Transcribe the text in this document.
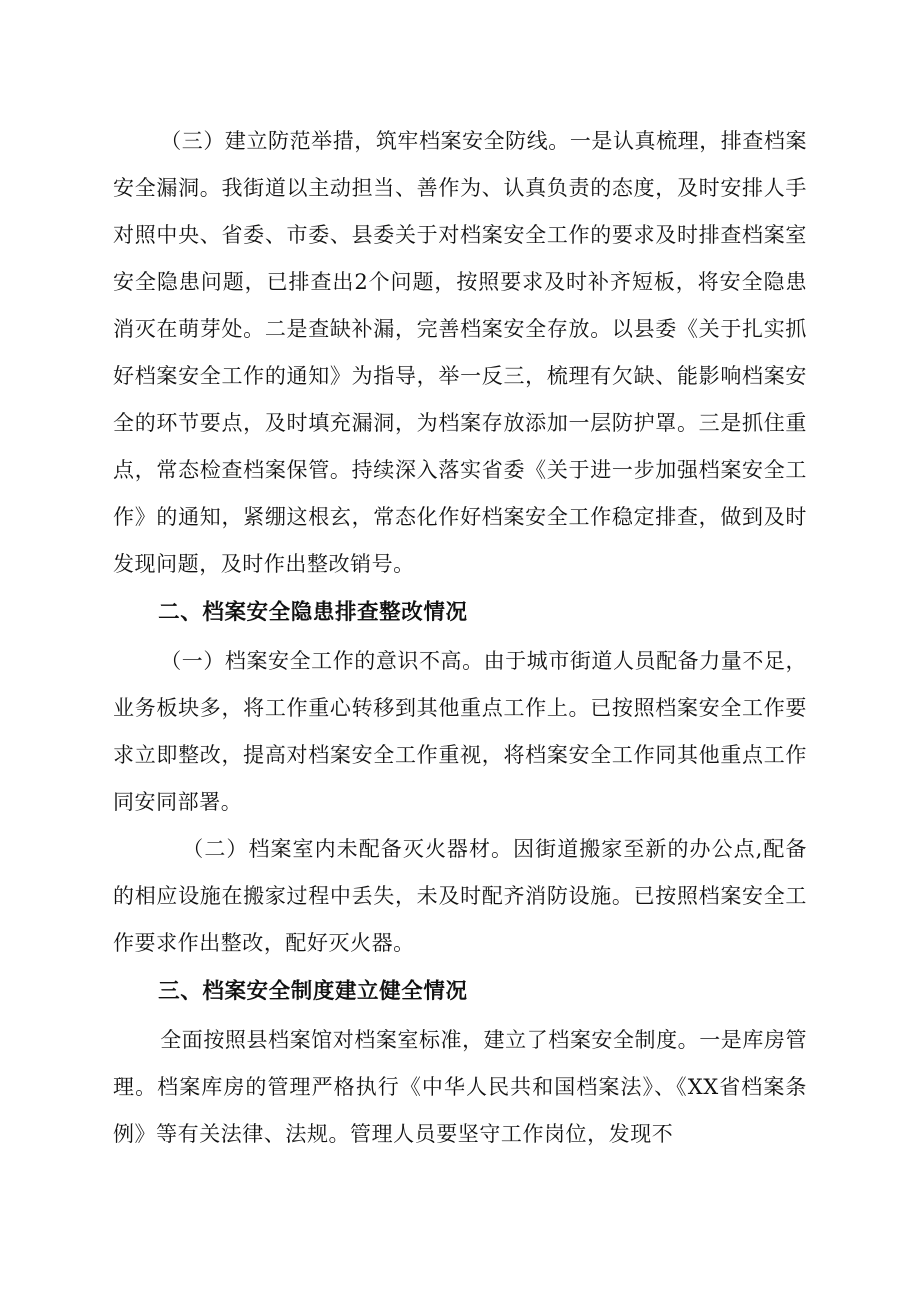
（三）建立防范举措，筑牢档案安全防线。一是认真梳理，排查档案安全漏洞。我街道以主动担当、善作为、认真负责的态度，及时安排人手对照中央、省委、市委、县委关于对档案安全工作的要求及时排查档案室安全隐患问题，已排查出2个问题，按照要求及时补齐短板，将安全隐患消灭在萌芽处。二是查缺补漏，完善档案安全存放。以县委《关于扎实抓好档案安全工作的通知》为指导，举一反三，梳理有欠缺、能影响档案安全的环节要点，及时填充漏洞，为档案存放添加一层防护罩。三是抓住重点，常态检查档案保管。持续深入落实省委《关于进一步加强档案安全工作》的通知，紧绷这根玄，常态化作好档案安全工作稳定排查，做到及时发现问题，及时作出整改销号。

二、档案安全隐患排查整改情况

（一）档案安全工作的意识不高。由于城市街道人员配备力量不足，业务板块多，将工作重心转移到其他重点工作上。已按照档案安全工作要求立即整改，提高对档案安全工作重视，将档案安全工作同其他重点工作同安同部署。

（二）档案室内未配备灭火器材。因街道搬家至新的办公点,配备的相应设施在搬家过程中丢失，未及时配齐消防设施。已按照档案安全工作要求作出整改，配好灭火器。

三、档案安全制度建立健全情况

全面按照县档案馆对档案室标准，建立了档案安全制度。一是库房管理。档案库房的管理严格执行《中华人民共和国档案法》、《XX省档案条例》等有关法律、法规。管理人员要坚守工作岗位，发现不
